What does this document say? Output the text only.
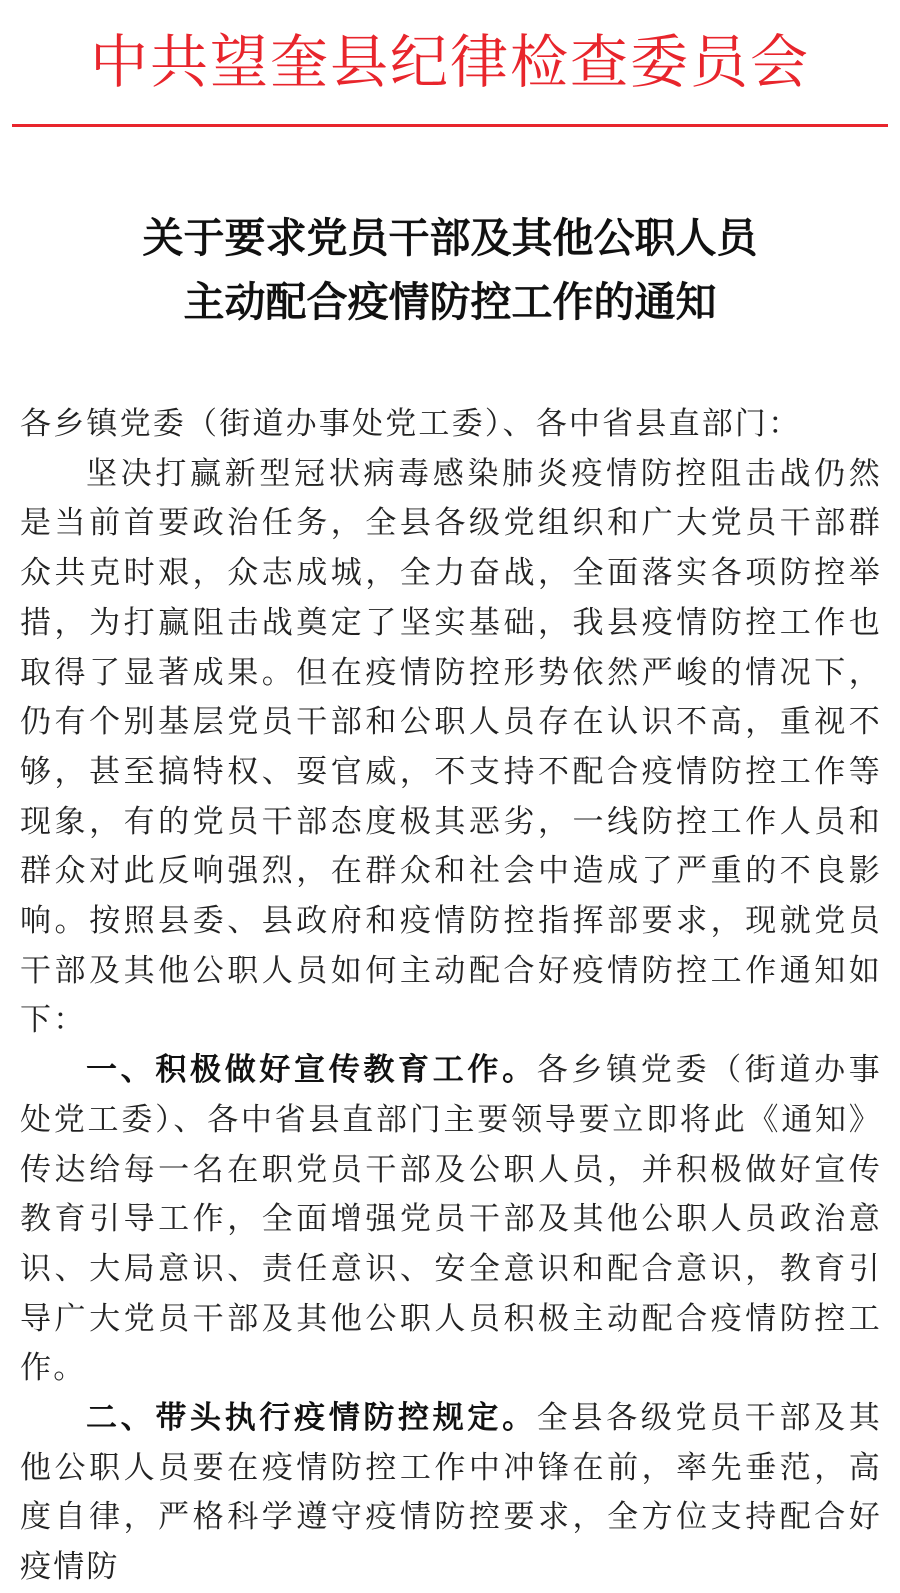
中共望奎县纪律检查委员会
关于要求党员干部及其他公职人员
主动配合疫情防控工作的通知

各乡镇党委（街道办事处党工委）、各中省县直部门：

坚决打赢新型冠状病毒感染肺炎疫情防控阻击战仍然是当前首要政治任务，全县各级党组织和广大党员干部群众共克时艰，众志成城，全力奋战，全面落实各项防控举措，为打赢阻击战奠定了坚实基础，我县疫情防控工作也取得了显著成果。但在疫情防控形势依然严峻的情况下，仍有个别基层党员干部和公职人员存在认识不高，重视不够，甚至搞特权、耍官威，不支持不配合疫情防控工作等现象，有的党员干部态度极其恶劣，一线防控工作人员和群众对此反响强烈，在群众和社会中造成了严重的不良影响。按照县委、县政府和疫情防控指挥部要求，现就党员干部及其他公职人员如何主动配合好疫情防控工作通知如下：

一、积极做好宣传教育工作。各乡镇党委（街道办事处党工委）、各中省县直部门主要领导要立即将此《通知》传达给每一名在职党员干部及公职人员，并积极做好宣传教育引导工作，全面增强党员干部及其他公职人员政治意识、大局意识、责任意识、安全意识和配合意识，教育引导广大党员干部及其他公职人员积极主动配合疫情防控工作。

二、带头执行疫情防控规定。全县各级党员干部及其他公职人员要在疫情防控工作中冲锋在前，率先垂范，高度自律，严格科学遵守疫情防控要求，全方位支持配合好疫情防
